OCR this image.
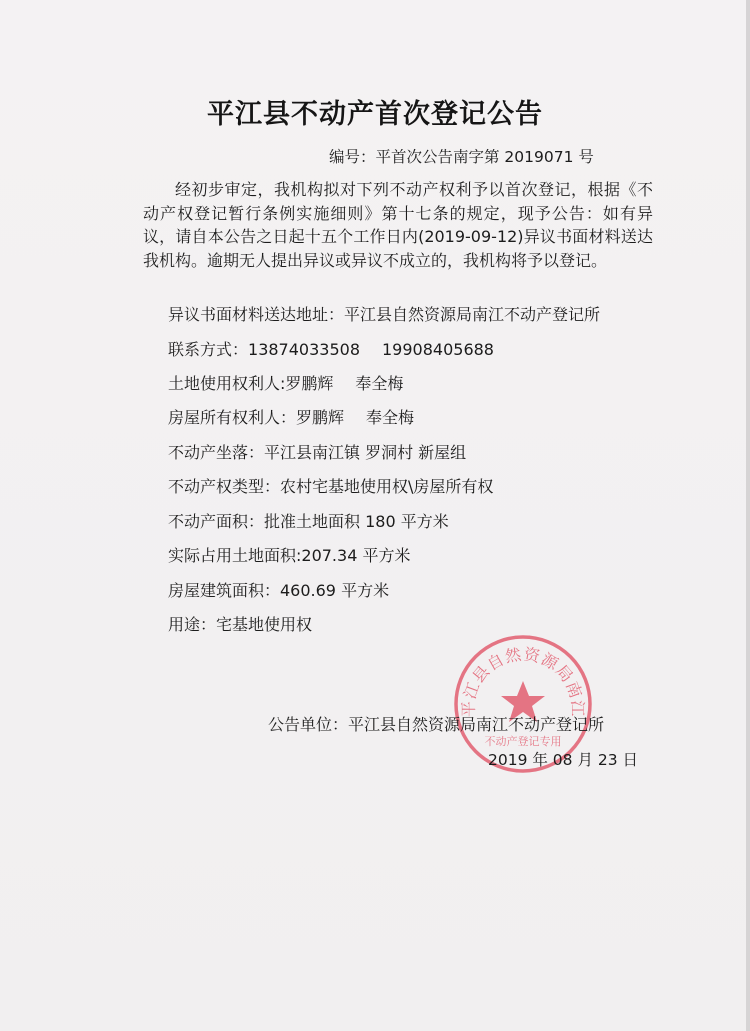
平江县不动产首次登记公告
编号：平首次公告南字第 2019071 号
经初步审定，我机构拟对下列不动产权利予以首次登记，根据《不动产权登记暂行条例实施细则》第十七条的规定，现予公告：如有异议，请自本公告之日起十五个工作日内(2019-09-12)异议书面材料送达我机构。逾期无人提出异议或异议不成立的，我机构将予以登记。
异议书面材料送达地址：平江县自然资源局南江不动产登记所
联系方式：13874033508 19908405688
土地使用权利人:罗鹏辉 奉全梅
房屋所有权利人：罗鹏辉 奉全梅
不动产坐落：平江县南江镇 罗洞村 新屋组
不动产权类型：农村宅基地使用权\房屋所有权
不动产面积：批准土地面积 180 平方米
实际占用土地面积:207.34 平方米
房屋建筑面积：460.69 平方米
用途：宅基地使用权
平江县自然资源局南江
不动产登记专用
公告单位：平江县自然资源局南江不动产登记所
2019 年 08 月 23 日
